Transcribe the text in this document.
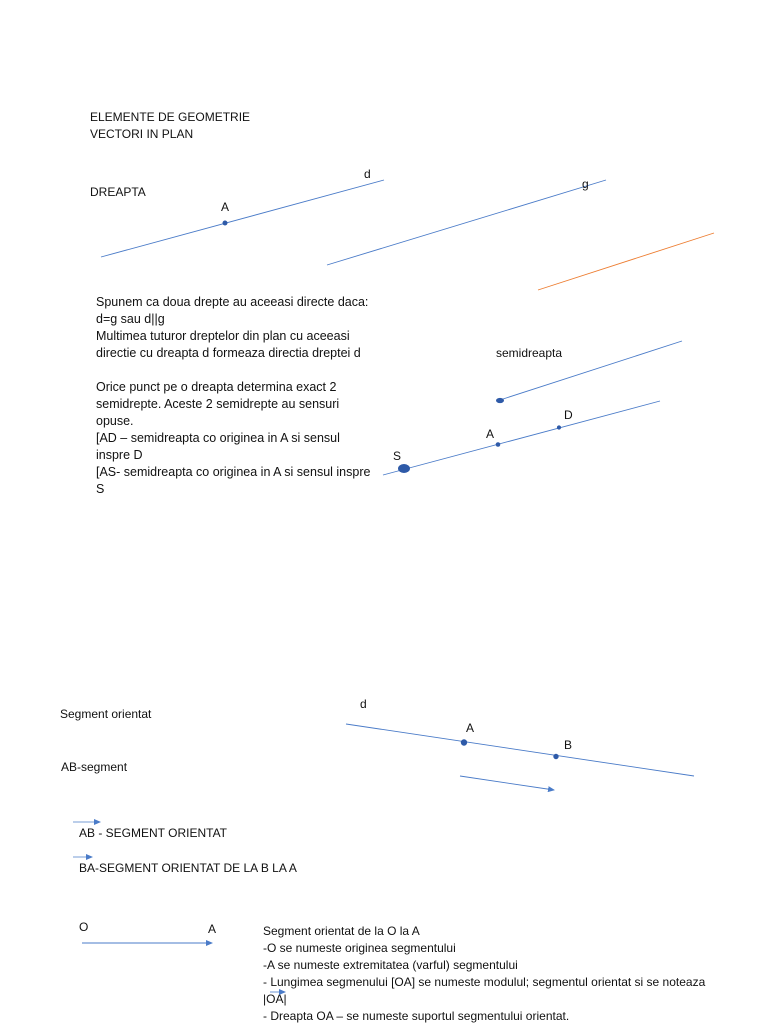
ELEMENTE DE GEOMETRIE
VECTORI IN PLAN
DREAPTA
Spunem ca doua drepte au aceeasi directe daca:
d=g sau d||g
Multimea tuturor dreptelor din plan cu aceeasi
directie cu dreapta d formeaza directia dreptei d
Orice punct pe o dreapta determina exact 2
semidrepte. Aceste 2 semidrepte au sensuri
opuse.
[AD – semidreapta co originea in A si sensul
inspre D
[AS- semidreapta co originea in A si sensul inspre
S
semidreapta
Segment orientat
AB-segment
AB - SEGMENT ORIENTAT
BA-SEGMENT ORIENTAT DE LA B LA A
Segment orientat de la O la A
-O se numeste originea segmentului
-A se numeste extremitatea (varful) segmentului
- Lungimea segmenului [OA] se numeste modulul; segmentul orientat si se noteaza
|OA|
- Dreapta OA – se numeste suportul segmentului orientat.
A
d
g
S
A
D
d
A
B
O	A
